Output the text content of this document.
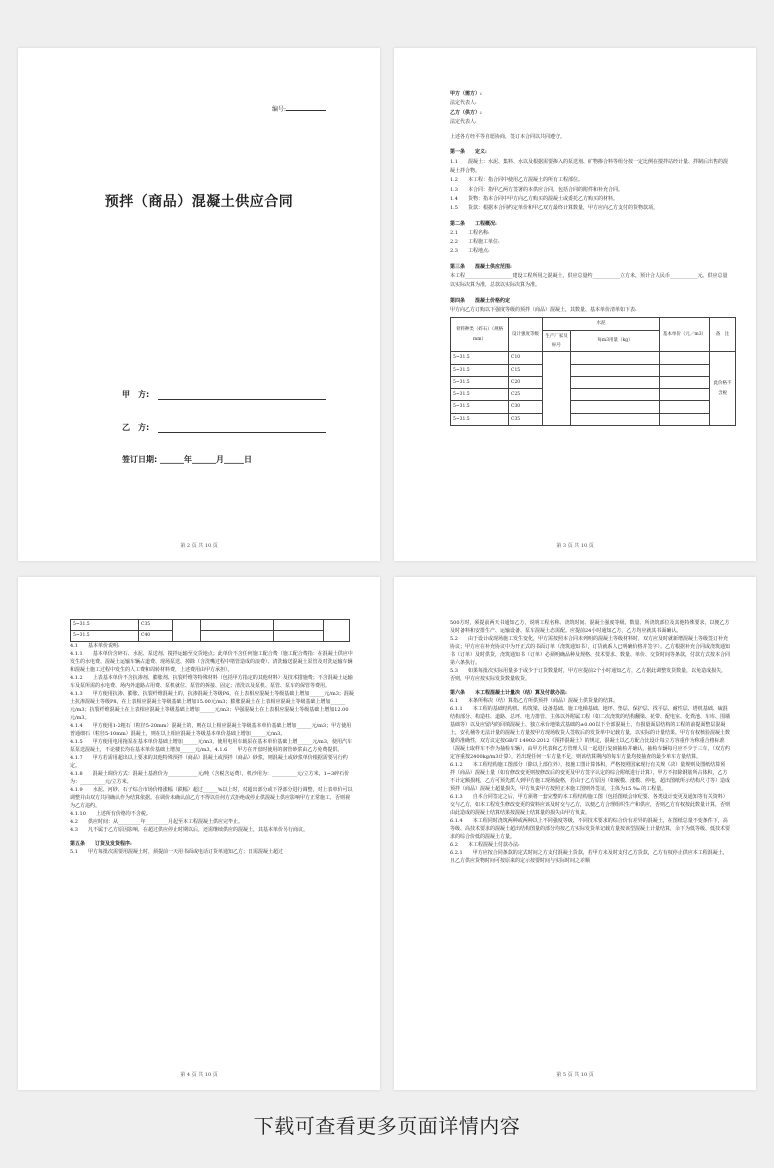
编号:
预拌（商品）混凝土供应合同
甲　方:
乙　方:
签订日期: ______年______月_____日
第 2 页 共 10 页

甲方（需方）:

法定代表人:

乙方（供方）:

法定代表人:

上述各方经平等自愿协商，签订本合同以共同遵守。

第一条　　定义:

1.1　　混凝土：水泥、集料、水以及根据需要掺入的泵送剂、矿物掺合料等组分按一定比例在搅拌站经计量、拌制后出售的混凝土拌合物。

1.2　　本工程：指合同中使用乙方混凝土的所有工程部位。

1.3　　本合同：指甲乙两方签署的本供应合同，包括合同的附件和补充合同。

1.4　　货物：指本合同中甲方向乙方购买的混凝土或委托乙方购买的材料。

1.5　　货款：根据本合同约定单价和甲乙双方最终计算数量，甲方应向乙方支付的货物款项。

第二条　　工程概况:

2.1　　工程名称:

2.2　　工程施工单位:

2.3　　工程地点:

第三条　　混凝土供应范围:

本工程___________________建设工程所用之混凝土，供应总量约___________立方米，预计合人民币___________元。供应总量以实际决算为准，总款以实际决算为准。

第四条　　混凝土价格约定

甲方向乙方订购以下强度等级的预拌（商品）混凝土，其数量、基本单价清单如下表:

骨料种类（碎石）（规格 mm）	设计强度等级	水泥		基本单价（元／m3）	备　注
		生产厂家及标号	每m3用量（kg）		
5~31.5	C10				此价格不含税
5~31.5	C15				
5~31.5	C20				
5~31.5	C25				
5~31.5	C30				
5~31.5	C35				
第 3 页 共 10 页
5~31.5	C35				
5~31.5	C40				

4.1　　基本单价说明:

4.1.1　　基本单价含碎石、水泥、泵送剂、搅拌运输至交货地点；此单价不含任何施工配合费（施工配合费指：在混凝土供应中发生的水电费、混凝土运输车辆占道费、现场泵送、掉除（含洗嘴过程中堵管造成的浪费）、清洗输送混凝土泵管及对洗运输车辆和混凝土施工过程中发生的人工费和周转材料费，上述费用由甲方承担）。

4.1.2　　上表基本单价不含抗渗剂、膨胀剂、抗裂纤维等特殊材料（包括甲方指定的其他材料）及技术措施费；不含混凝土运输车及泵所需的水电费、场内外道路占用费、泵机就位、泵管的拆接、固定；清洗以及泵机、泵管、泵车的保管等费用。

4.1.3　　甲方使用抗渗、膨胀、抗裂纤维混凝土的，抗渗混凝土等级P6，在上表相应混凝土等级基础上增加______元/m3；混凝土抗渗混凝土等级P8，在上表相应混凝土等级基础上增加15.00元/m3；膨胀混凝土在上表相应混凝土等级基础上增加______元/m3；抗裂纤维混凝土在上表相应混凝土等级基础上增加______元/m3；早强混凝土在上表相应混凝土等级基础上增加12.00元/m3。

4.1.4　　甲方使用1-2粗石（粒径5-20mm）混凝土的，则在以上相应混凝土等级基本单价基础上增加______元/m3；甲方使用普通细石（粒径5-10mm）混凝土，则在以上相应混凝土等级基本单价基础上增加______元/m3。

4.1.5　　甲方使用电用拖泵在基本单价基础上增加______元/m3，使用电用车载泵在基本单价基础上增______元/m3，使用汽车泵泵送混凝土，不论楼长均在基本单价基础上增加______元/m3。4.1.6　　甲方在开盘时使用的润管砂浆由乙方免费提供。

4.1.7　　甲方若需用超出以上要求的其他特殊预拌（商品）混凝土或预拌（商品）砂浆，则混凝土或砂浆单价根据需要另行约定。

4.1.8　　混凝土调价方式：混凝土基准价为____________元/吨（含税含运费），机沙用为：__________元/立方米，1~3碎石价为：__________元/立方米。

4.1.9　　水泥、河砂、石子综合市场价格涨幅（跌幅）超过______%以上时，对超出部分或下浮部分进行调整，对上表单价可以调整并由双方共同确认作为结算依据。在调价未确认前乙方不得以任何方式拒绝或停止供混凝土供应影响甲方正常施工，否则视为乙方违约。

4.1.10　　上述所有价格均不含税。

4.2　　供应时间：从_________年_________月起至本工程混凝土供应完毕止。

4.3　　凡不属于乙方原因影响，在超过供应停止时期以后，还需继续供应的混凝土，其基本单价另行商议。

第五条　　订货及发货程序:

5.1　　甲方每批次需要用混凝土时，须提前一天用书面或电话订货单通知乙方；日需混凝土超过

第 4 页 共 10 页

500方时，须提前两天书通知乙方，说明工程名称、浇筑时间、混凝土强度等级、数量、所浇筑部位及其他特殊要求，以便乙方及时备料和安排生产、运输设备、泵车混凝土态需配。应提前24小时通知乙方，乙方均应就其书面确认。

5.2　　由于设计或现场施工发生变化，甲方需按照本合同未列明的混凝土等级材料时，双方应及时就新增混凝土等级签订补充协议；甲方应在补充协议中为开正式的书面订单（浇筑通知书），订货就系人已明确价格并签字）。乙方根据补充合同或浇筑通知书（订单）及时供货，浇筑通知书（订单）必须明确品种及规格、技术要求、数量、单价、交货时间等条款，付款方式按本合同第六条执行。

5.3　　如果每批次实际用量多于或少于订货数量时，甲方应提前2个小时通知乙方，乙方据此调整发货数量，以免造成损失，否则，甲方应按实际发货数量收货。

第六条　　本工程混凝土计量决（结）算及付款办法:

6.1　　本条所称决（结）算指乙方所供预拌（商品）混凝土供货量的结算。

6.1.1　　本工程的基础结构机、构筑梁、设备基础、施工电梯基础、地坪、垫层、保护层、找平层、耐性层、塔机基础、硫混结构部分、构造柱、道路、总坪、电力排管、主体以外附属工程（如二次浇筑的结构翻梁、花带、配电室、化粪池、车库、围墙基础等）以及应留内的回填混凝土、独立承台地梁式基础的±0.00以下全部混凝土，有损量面层结构的工程的前提面整层混凝土，安孔桶等无法计量的混凝土方量按甲方现场收货人签收后的发货单中记载方量，以实际的计量结果。甲方有权核验混凝土数量的准确性，双方议定按GB/T 14902-2012《预拌混凝土》的规定，混凝土以乙方配合比设计每立方容重作为称重合格标准（混凝土取样车不作为抽检车辆），由甲方代表和乙方管理人员一起进行复磅抽检并确认，抽检车辆每月应不少于三车，（双方约定容重按2400kg/m3计算），若出现任何一车方量不足，则该结算期内的每车方量均按抽查的最少单车方量结算。

6.1.2　　本工程结构施工图部分（除以上部位外），按施工图计算体积，严格按照国家现行有关规（决）量规则及图纸结算预拌（商品）混凝土量（如有修改变更则按修改后的变更及甲方签字认定的综合附纸进行计算），甲方不扣除钢筋所占体积，乙方不计定额损耗，乙方可预先派人到甲方施工现场旋格，若由于乙方原因（如履模、涨模、停电，超出图纸所示结构尺寸等）造成预拌（商品）混凝土超量损失，甲方负责甲方按照正本施工图则外签证，主体为15 ‰ 的工程量。

6.1.3　　自本合同签定之后，甲方须将一套完整的本工程结构施工图（包括图纸会审纪要、各类设计变更及通知等有关资料）交与乙方，如本工程发生修改变更的资料应该及时交与乙方，以便乙方合理组织生产和供应，否则乙方有权按此数量计算，否则由此造成的混凝土结算结果按混凝土结算量的损失由甲方负责。

6.1.4　　本工程同时浇筑两种或两种以上不同强度等级、不同技术要求的综合价有差异的混凝土，在图纸总量不变条件下，高等级、高技术要求的混凝土超出结构图量的部分均按乙方实际发货单记载方量按该型混凝土计量结算，余下为低等级、低技术要求的综合价低的混凝土方量。

6.2　　本工程混凝土付款办法:

6.2.1　　甲方应按合同条款的定式时间之方支付混凝土货款，若甲方未及时支付乙方货款，乙方有权停止供应本工程混凝土，且乙方供应货物时间可按原来的定示按要时间与实际时间之差顺

第 5 页 共 10 页
下载可查看更多页面详情内容
